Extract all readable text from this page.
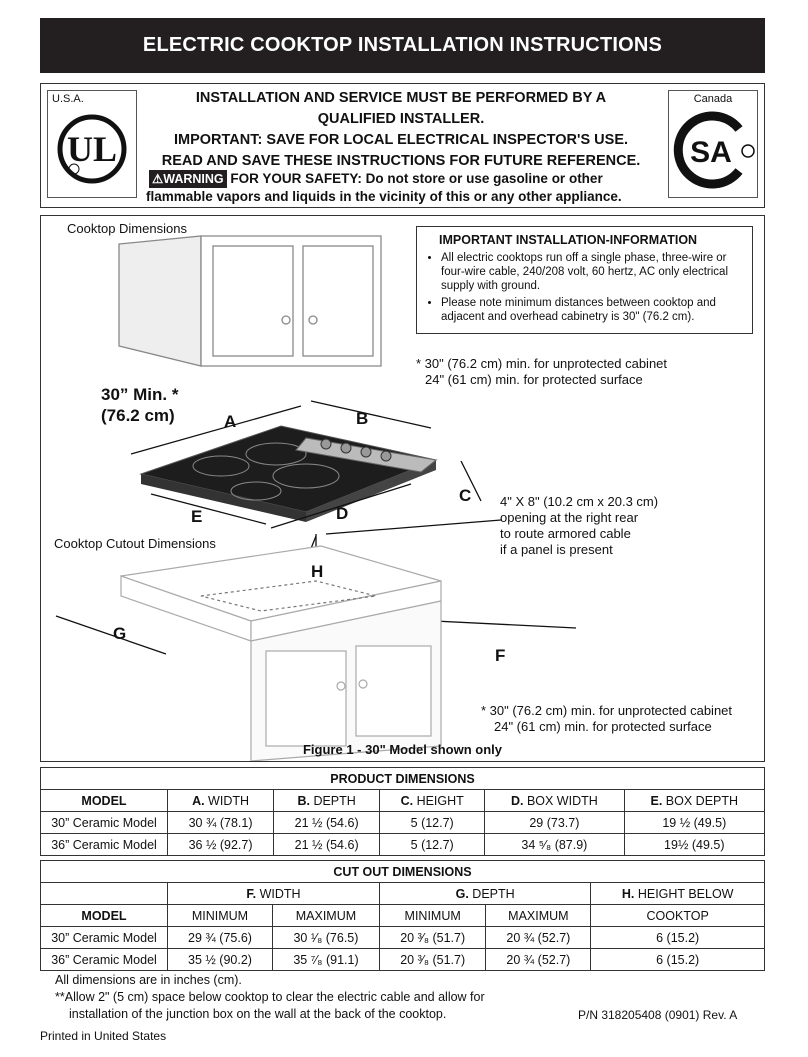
ELECTRIC COOKTOP INSTALLATION INSTRUCTIONS
U.S.A.
UL
Canada
SA
INSTALLATION AND SERVICE MUST BE PERFORMED BY A
QUALIFIED INSTALLER.
IMPORTANT: SAVE FOR LOCAL ELECTRICAL INSPECTOR'S USE.
READ AND SAVE THESE INSTRUCTIONS FOR FUTURE REFERENCE.
⚠WARNING FOR YOUR SAFETY: Do not store or use gasoline or other flammable vapors and liquids in the vicinity of this or any other appliance.
Cooktop Dimensions
IMPORTANT INSTALLATION-INFORMATION
• All electric cooktops run off a single phase, three-wire or four-wire cable, 240/208 volt, 60 hertz, AC only electrical supply with ground.
• Please note minimum distances between cooktop and adjacent and overhead cabinetry is 30" (76.2 cm).
* 30" (76.2 cm) min. for unprotected cabinet
24" (61 cm) min. for protected surface
30” Min. *
(76.2 cm)	A	B
C
D
E
4" X 8" (10.2 cm x 20.3 cm)
opening at the right rear
to route armored cable
if a panel is present
Cooktop Cutout Dimensions
H
G
F
* 30" (76.2 cm) min. for unprotected cabinet
24" (61 cm) min. for protected surface
Figure 1 - 30" Model shown only
PRODUCT DIMENSIONS					
MODEL	A. WIDTH	B. DEPTH	C. HEIGHT	D. BOX WIDTH	E. BOX DEPTH
30” Ceramic Model	30 ¾ (78.1)	21 ½ (54.6)	5 (12.7)	29 (73.7)	19 ½ (49.5)
36” Ceramic Model	36 ½ (92.7)	21 ½ (54.6)	5 (12.7)	34 ⁵⁄₈ (87.9)	19½ (49.5)
CUT OUT DIMENSIONS					
	F. WIDTH		G. DEPTH		H. HEIGHT BELOW
MODEL	MINIMUM	MAXIMUM	MINIMUM	MAXIMUM	COOKTOP
30” Ceramic Model	29 ¾ (75.6)	30 ¹⁄₈ (76.5)	20 ³⁄₈ (51.7)	20 ¾ (52.7)	6 (15.2)
36” Ceramic Model	35 ½ (90.2)	35 ⁷⁄₈ (91.1)	20 ³⁄₈ (51.7)	20 ¾ (52.7)	6 (15.2)
All dimensions are in inches (cm).
**Allow 2" (5 cm) space below cooktop to clear the electric cable and allow for
installation of the junction box on the wall at the back of the cooktop.	P/N 318205408 (0901) Rev. A
Printed in United States
